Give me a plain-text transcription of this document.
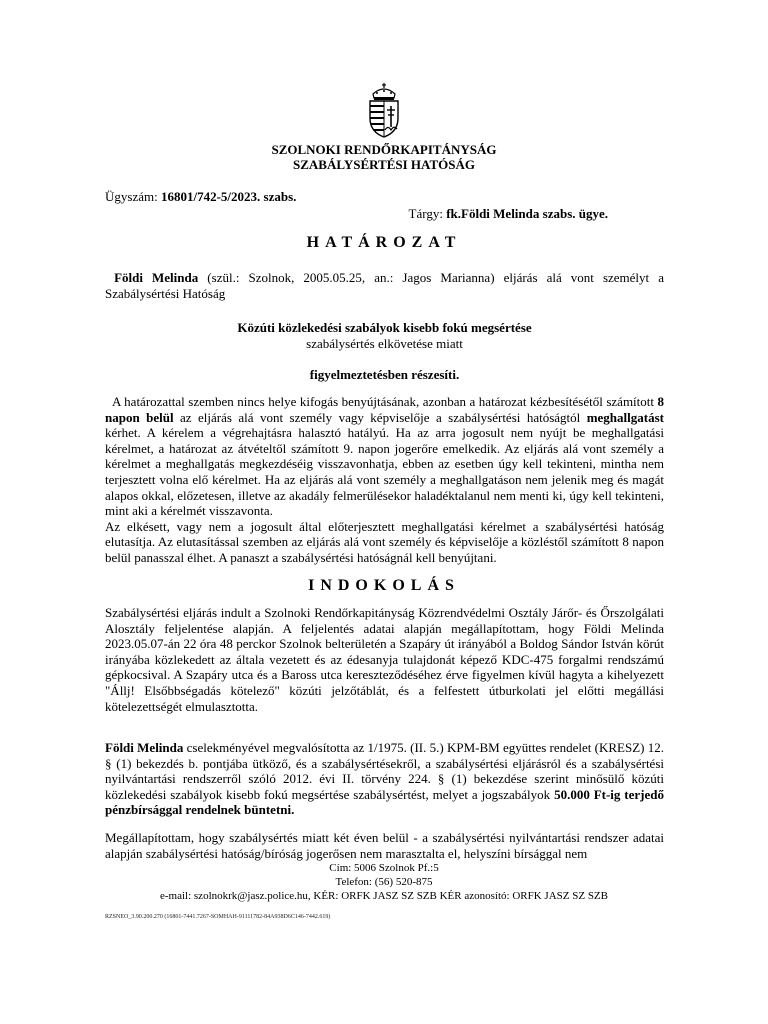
SZOLNOKI RENDŐRKAPITÁNYSÁG
SZABÁLYSÉRTÉSI HATÓSÁG
Ügyszám: 16801/742-5/2023. szabs.
Tárgy: fk.Földi Melinda szabs. ügye.
HATÁROZAT
Földi Melinda (szül.: Szolnok, 2005.05.25, an.: Jagos Marianna) eljárás alá vont személyt a Szabálysértési Hatóság
Közúti közlekedési szabályok kisebb fokú megsértése
szabálysértés elkövetése miatt
figyelmeztetésben részesíti.
A határozattal szemben nincs helye kifogás benyújtásának, azonban a határozat kézbesítésétől számított 8 napon belül az eljárás alá vont személy vagy képviselője a szabálysértési hatóságtól meghallgatást kérhet. A kérelem a végrehajtásra halasztó hatályú. Ha az arra jogosult nem nyújt be meghallgatási kérelmet, a határozat az átvételtől számított 9. napon jogerőre emelkedik. Az eljárás alá vont személy a kérelmet a meghallgatás megkezdéséig visszavonhatja, ebben az esetben úgy kell tekinteni, mintha nem terjesztett volna elő kérelmet. Ha az eljárás alá vont személy a meghallgatáson nem jelenik meg és magát alapos okkal, előzetesen, illetve az akadály felmerülésekor haladéktalanul nem menti ki, úgy kell tekinteni, mint aki a kérelmét visszavonta.
Az elkésett, vagy nem a jogosult által előterjesztett meghallgatási kérelmet a szabálysértési hatóság elutasítja. Az elutasítással szemben az eljárás alá vont személy és képviselője a közléstől számított 8 napon belül panasszal élhet. A panaszt a szabálysértési hatóságnál kell benyújtani.
INDOKOLÁS
Szabálysértési eljárás indult a Szolnoki Rendőrkapitányság Közrendvédelmi Osztály Járőr- és Őrszolgálati Alosztály feljelentése alapján. A feljelentés adatai alapján megállapítottam, hogy Földi Melinda 2023.05.07-án 22 óra 48 perckor Szolnok belterületén a Szapáry út irányából a Boldog Sándor István körút irányába közlekedett az általa vezetett és az édesanyja tulajdonát képező KDC-475 forgalmi rendszámú gépkocsival. A Szapáry utca és a Baross utca kereszteződéséhez érve figyelmen kívül hagyta a kihelyezett "Állj! Elsőbbségadás kötelező" közúti jelzőtáblát, és a felfestett útburkolati jel előtti megállási kötelezettségét elmulasztotta.
Földi Melinda cselekményével megvalósította az 1/1975. (II. 5.) KPM-BM együttes rendelet (KRESZ) 12. § (1) bekezdés b. pontjába ütköző, és a szabálysértésekről, a szabálysértési eljárásról és a szabálysértési nyilvántartási rendszerről szóló 2012. évi II. törvény 224. § (1) bekezdése szerint minősülő közúti közlekedési szabályok kisebb fokú megsértése szabálysértést, melyet a jogszabályok 50.000 Ft-ig terjedő pénzbírsággal rendelnek büntetni.
Megállapítottam, hogy szabálysértés miatt két éven belül - a szabálysértési nyilvántartási rendszer adatai alapján szabálysértési hatóság/bíróság jogerősen nem marasztalta el, helyszíni bírsággal nem
Cím: 5006 Szolnok Pf.:5
Telefon: (56) 520-875
e-mail: szolnokrk@jasz.police.hu, KÉR: ORFK JASZ SZ SZB KÉR azonosító: ORFK JASZ SZ SZB
RZSNEO_3.90.200.270 (16801-7441.7267-SOMHAH-91111782-84A938D6C146-7442.619)
